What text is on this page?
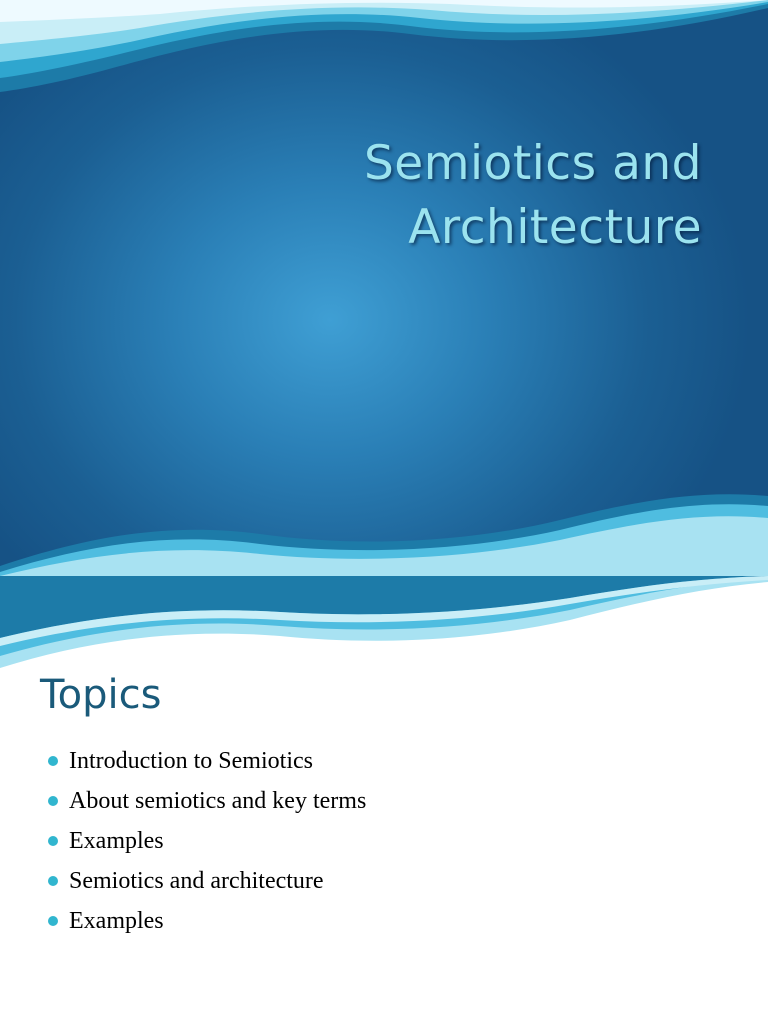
Semiotics and
Architecture
Topics
Introduction to Semiotics
About semiotics and key terms
Examples
Semiotics and architecture
Examples
